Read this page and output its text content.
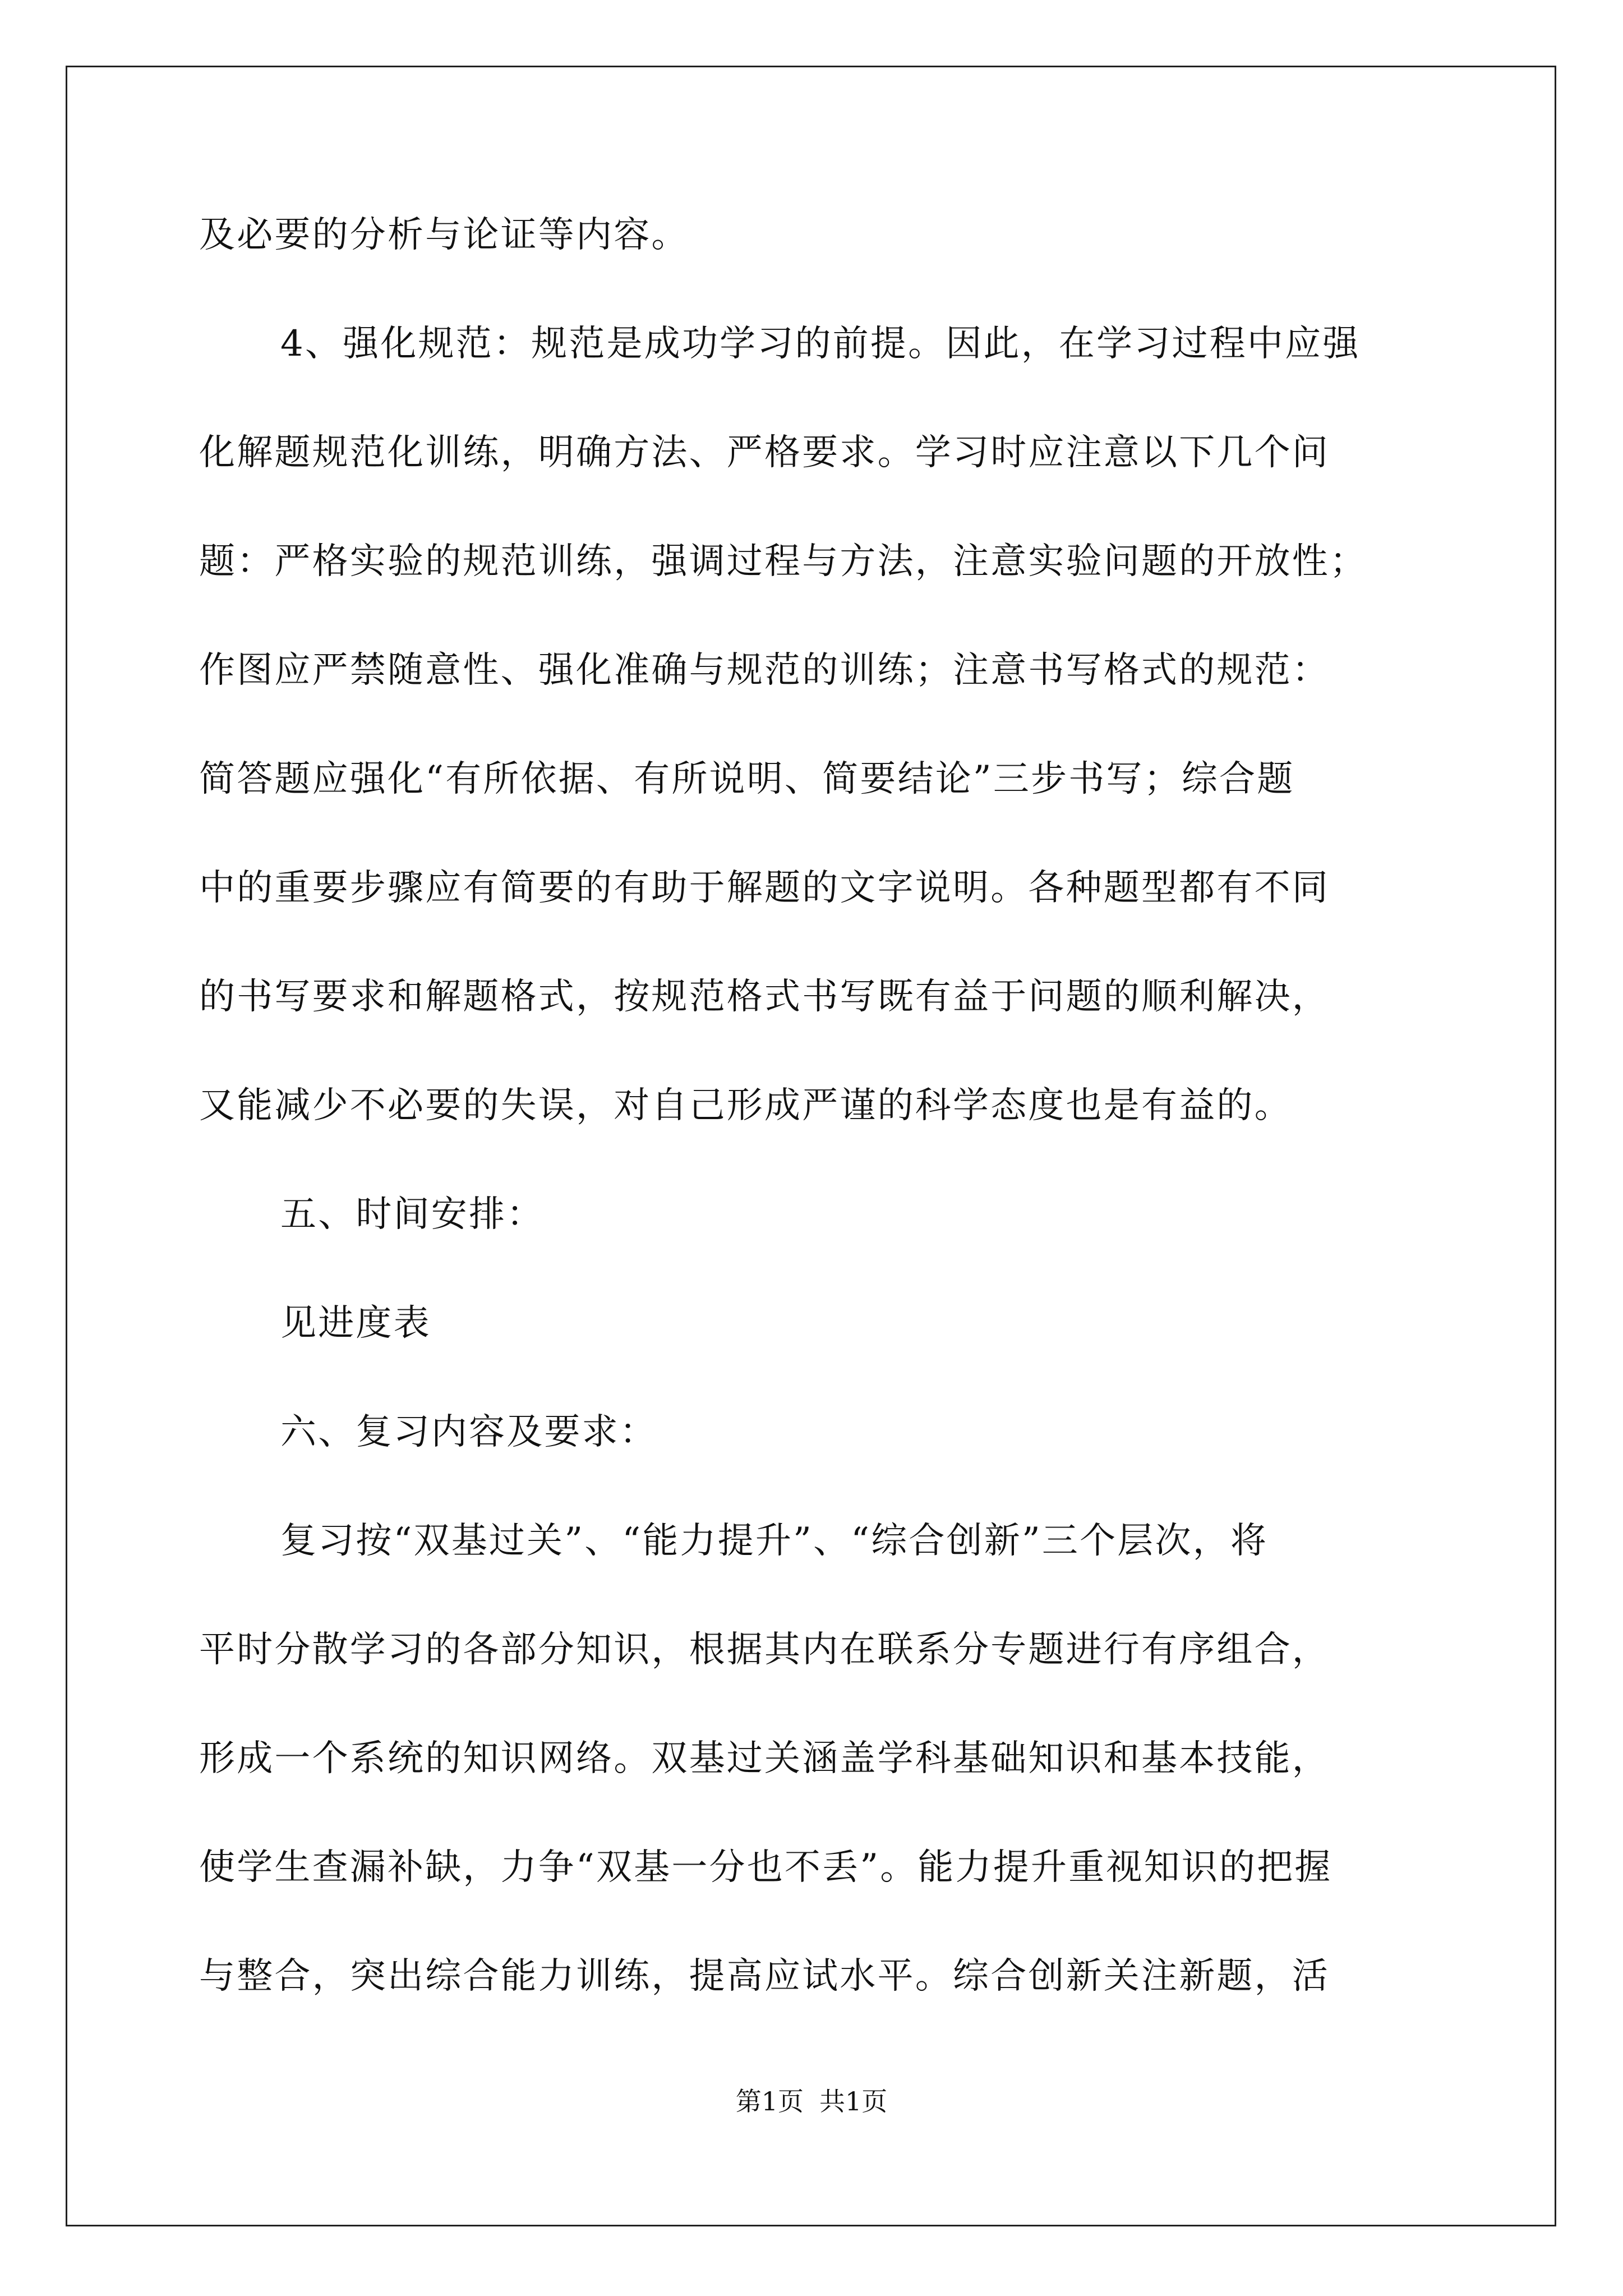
及必要的分析与论证等内容。
4、强化规范：规范是成功学习的前提。因此，在学习过程中应强
化解题规范化训练，明确方法、严格要求。学习时应注意以下几个问
题：严格实验的规范训练，强调过程与方法，注意实验问题的开放性；
作图应严禁随意性、强化准确与规范的训练；注意书写格式的规范：
简答题应强化“有所依据、有所说明、简要结论”三步书写；综合题
中的重要步骤应有简要的有助于解题的文字说明。各种题型都有不同
的书写要求和解题格式，按规范格式书写既有益于问题的顺利解决，
又能减少不必要的失误，对自己形成严谨的科学态度也是有益的。
五、时间安排：
见进度表
六、复习内容及要求：
复习按“双基过关”、“能力提升”、“综合创新”三个层次，将
平时分散学习的各部分知识，根据其内在联系分专题进行有序组合，
形成一个系统的知识网络。双基过关涵盖学科基础知识和基本技能，
使学生查漏补缺，力争“双基一分也不丢”。能力提升重视知识的把握
与整合，突出综合能力训练，提高应试水平。综合创新关注新题，活
第1页 共1页
